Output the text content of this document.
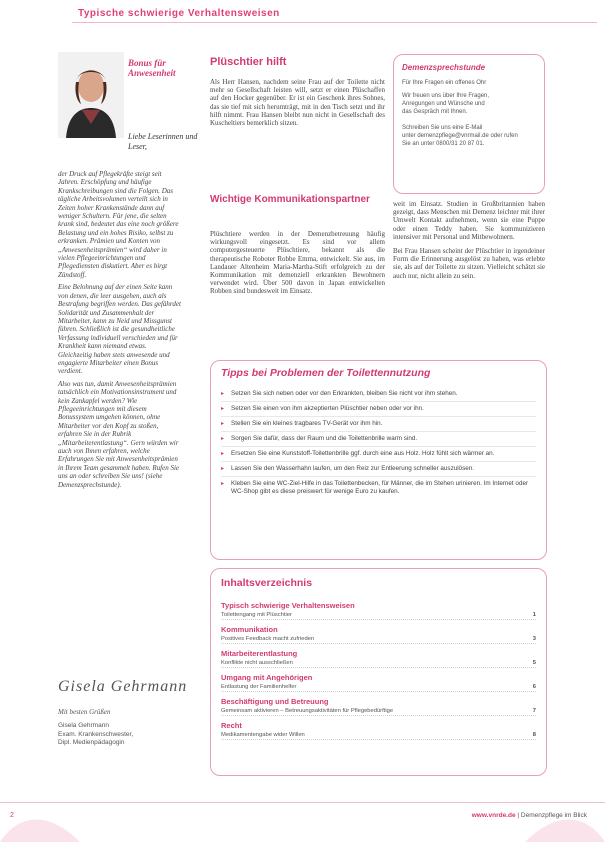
Typische schwierige Verhaltensweisen
Bonus für Anwesenheit
Liebe Leserinnen und Leser,

der Druck auf Pflegekräfte steigt seit Jahren. Erschöpfung und häufige Krankschreibungen sind die Folgen. Das tägliche Arbeitsvolumen verteilt sich in Zeiten hoher Krankenstände dann auf weniger Schultern. Für jene, die selten krank sind, bedeutet das eine noch größere Belastung und ein hohes Risiko, selbst zu erkranken. Prämien und Konten von „Anwesenheitsprämien“ wird daher in vielen Pflegeeinrichtungen und Pflegediensten diskutiert. Aber es birgt Zündstoff.

Eine Belohnung auf der einen Seite kann von denen, die leer ausgehen, auch als Bestrafung begriffen werden. Das gefährdet Solidarität und Zusammenhalt der Mitarbeiter, kann zu Neid und Missgunst führen. Schließlich ist die gesundheitliche Verfassung individuell verschieden und für Krankheit kann niemand etwas. Gleichzeitig haben stets anwesende und engagierte Mitarbeiter einen Bonus verdient.

Also was tun, damit Anwesenheitsprämien tatsächlich ein Motivationsinstrument und kein Zankapfel werden? Wie Pflegeeinrichtungen mit diesem Bonussystem umgehen können, ohne Mitarbeiter vor den Kopf zu stoßen, erfahren Sie in der Rubrik „Mitarbeiterentlastung“. Gern würden wir auch von Ihnen erfahren, welche Erfahrungen Sie mit Anwesenheitsprämien in Ihrem Team gesammelt haben. Rufen Sie uns an oder schreiben Sie uns! (siehe Demenzsprechstunde).

Gisela Gehrmann
Mit besten Grüßen
Gisela Gehrmann
Exam. Krankenschwester,
Dipl. Medienpädagogin
Plüschtier hilft
Als Herr Hansen, nachdem seine Frau auf der Toilette nicht mehr so Gesellschaft leisten will, setzt er einen Plüschaffen auf den Hocker gegenüber. Er ist ein Geschenk ihres Sohnes, das sie tief mit sich herumträgt, mit in den Tisch setzt und ihr hilft nimmt. Frau Hansen bleibt nun nicht in Gesellschaft des Kuscheltiers bemerklich sitzen.
Wichtige Kommunikationspartner
Plüschtiere werden in der Demenzbetreuung häufig wirkungsvoll eingesetzt. Es sind vor allem computergesteuerte Plüschtiere, bekannt als die therapeutische Roboter Robbe Emma, entwickelt. Sie aus, im Landauer Altenheim Maria-Martha-Stift erfolgreich zu der Kommunikation mit demenziell erkrankten Bewohnern verwendet wird. Über 500 davon in Japan entwickelten Robben sind bundesweit im Einsatz.
Demenzsprechstunde
Für Ihre Fragen ein offenes Ohr
Wir freuen uns über Ihre Fragen,
Anregungen und Wünsche und
das Gespräch mit Ihnen.
Schreiben Sie uns eine E-Mail
unter demenzpflege@vnrmail.de oder rufen
Sie an unter 0800/31 20 87 01.

weit im Einsatz. Studien in Großbritannien haben gezeigt, dass Menschen mit Demenz leichter mit ihrer Umwelt Kontakt aufnehmen, wenn sie eine Puppe oder einen Teddy haben. Sie kommunizieren intensiver mit Personal und Mitbewohnern.

Bei Frau Hansen scheint der Plüschtier in irgendeiner Form die Erinnerung ausgelöst zu haben, was erlebte sie, als auf der Toilette zu sitzen. Vielleicht schätzt sie auch nur, nicht allein zu sein.

Tipps bei Problemen der Toilettennutzung
▸	Setzen Sie sich neben oder vor den Erkrankten, bleiben Sie nicht vor ihm stehen.
▸	Setzen Sie einen von ihm akzeptierten Plüschtier neben oder vor ihn.
▸	Stellen Sie ein kleines tragbares TV-Gerät vor ihm hin.
▸	Sorgen Sie dafür, dass der Raum und die Toilettenbrille warm sind.
▸	Ersetzen Sie eine Kunststoff-Toilettenbrille ggf. durch eine aus Holz. Holz fühlt sich wärmer an.
▸	Lassen Sie den Wasserhahn laufen, um den Reiz zur Entleerung schneller auszulösen.
▸	Kleben Sie eine WC-Ziel-Hilfe in das Toilettenbecken, für Männer, die im Stehen urinieren. Im Internet oder WC-Shop gibt es diese preiswert für wenige Euro zu kaufen.
Inhaltsverzeichnis
Typisch schwierige Verhaltensweisen
Toilettengang mit Plüschtier	1
Kommunikation
Positives Feedback macht zufrieden	3
Mitarbeiterentlastung
Konflikte nicht ausschließen	5
Umgang mit Angehörigen
Entlastung der Familienhelfer	6
Beschäftigung und Betreuung
Gemeinsam aktivieren – Betreuungsaktivitäten für Pflegebedürftige	7
Recht
Medikamentengabe wider Willen	8
2	www.vnrde.de | Demenzpflege im Blick
